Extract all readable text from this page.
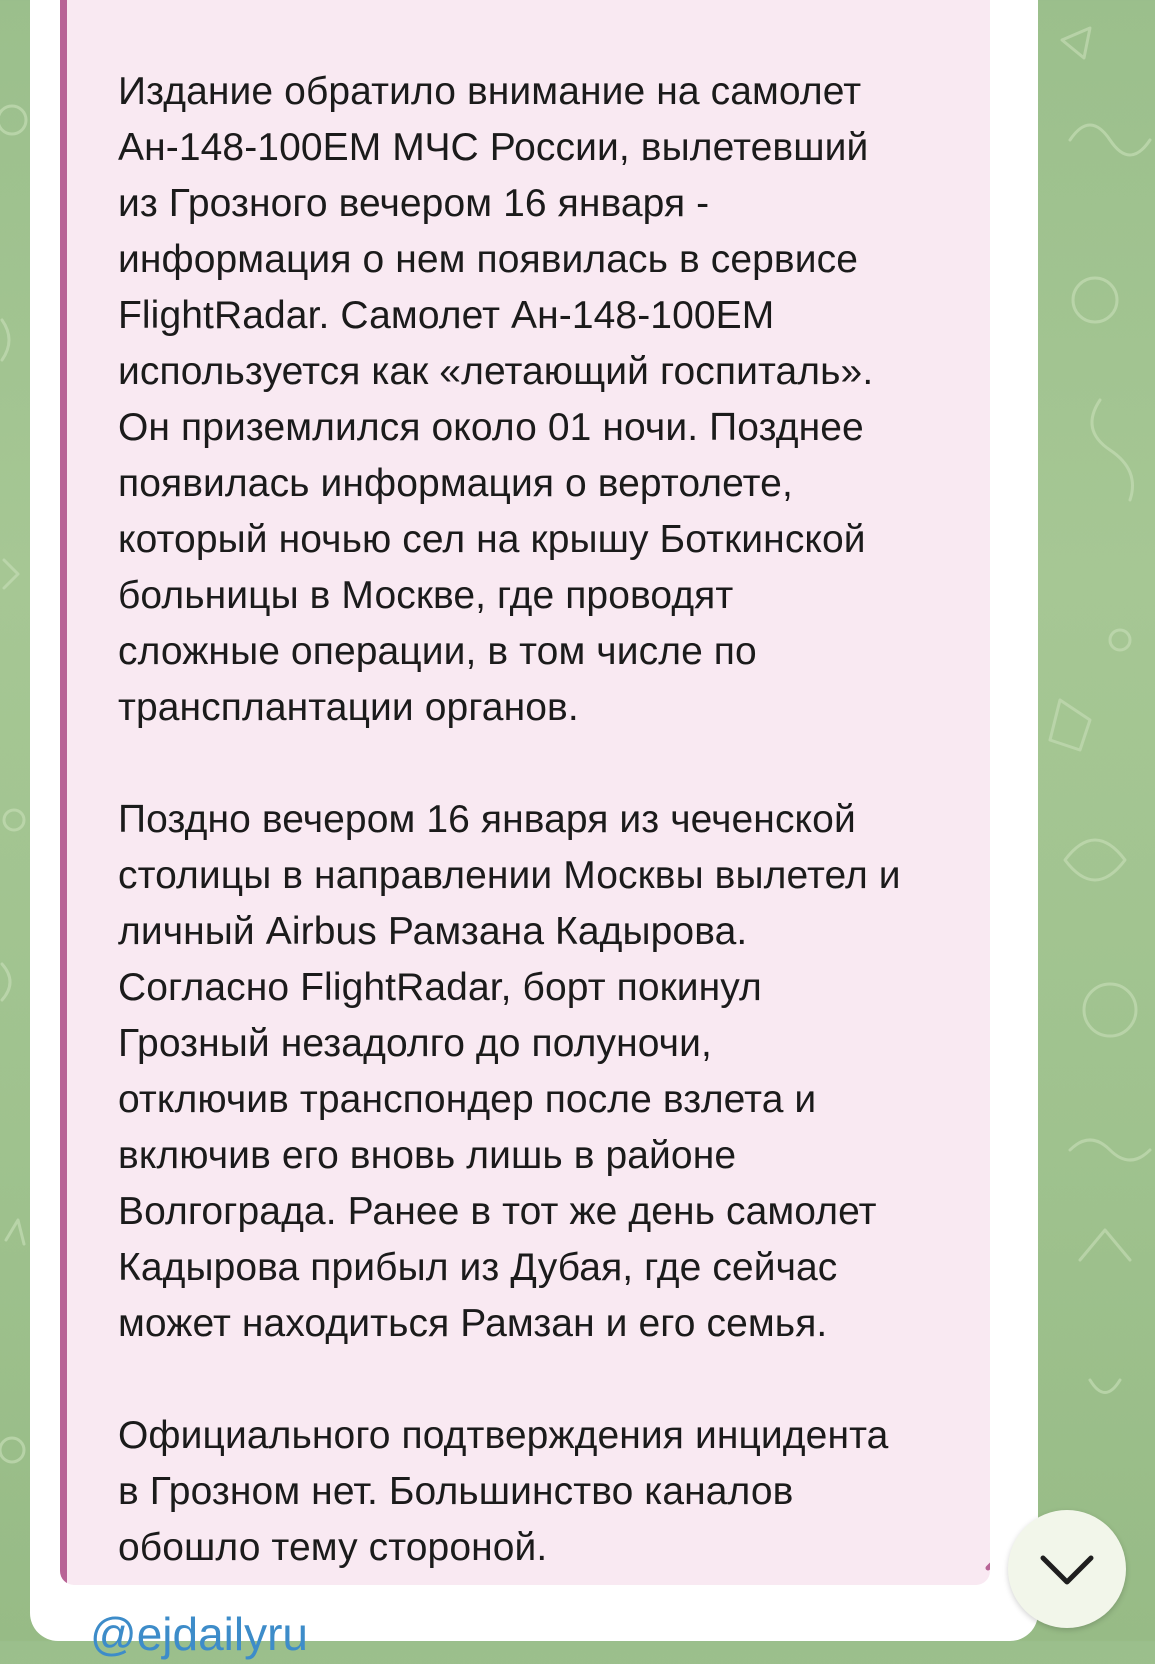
Издание обратило внимание на самолет
Ан-148-100ЕМ МЧС России, вылетевший
из Грозного вечером 16 января -
информация о нем появилась в сервисе
FlightRadar. Самолет Ан-148-100ЕМ
используется как «летающий госпиталь».
Он приземлился около 01 ночи. Позднее
появилась информация о вертолете,
который ночью сел на крышу Боткинской
больницы в Москве, где проводят
сложные операции, в том числе по
трансплантации органов.

Поздно вечером 16 января из чеченской
столицы в направлении Москвы вылетел и
личный Airbus Рамзана Кадырова.
Согласно FlightRadar, борт покинул
Грозный незадолго до полуночи,
отключив транспондер после взлета и
включив его вновь лишь в районе
Волгограда. Ранее в тот же день самолет
Кадырова прибыл из Дубая, где сейчас
может находиться Рамзан и его семья.

Официального подтверждения инцидента
в Грозном нет. Большинство каналов
обошло тему стороной.

@ejdailyru
